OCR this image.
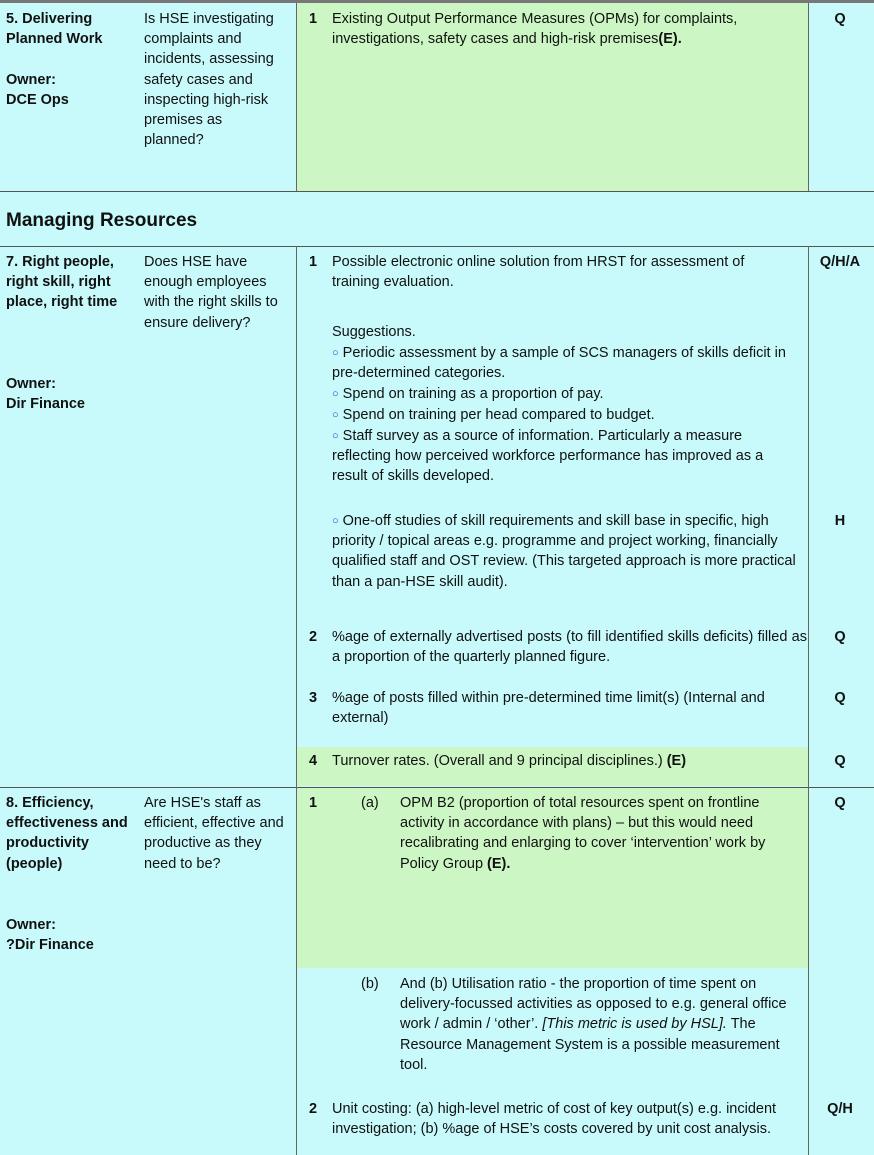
5. Delivering Planned Work
Owner:
DCE Ops
Is HSE investigating complaints and incidents, assessing safety cases and inspecting high-risk premises as planned?
1 Existing Output Performance Measures (OPMs) for complaints, investigations, safety cases and high-risk premises(E).

Q
Managing Resources
7. Right people, right skill, right place, right time
Owner:
Dir Finance
Does HSE have enough employees with the right skills to ensure delivery?
1 Possible electronic online solution from HRST for assessment of training evaluation.
Q/H/A
Suggestions.

○ Periodic assessment by a sample of SCS managers of skills deficit in pre-determined categories.

○ Spend on training as a proportion of pay.

○ Spend on training per head compared to budget.

○ Staff survey as a source of information. Particularly a measure reflecting how perceived workforce performance has improved as a result of skills developed.

○ One-off studies of skill requirements and skill base in specific, high priority / topical areas e.g. programme and project working, financially qualified staff and OST review. (This targeted approach is more practical than a pan-HSE skill audit).

H
2 %age of externally advertised posts (to fill identified skills deficits) filled as a proportion of the quarterly planned figure.
Q
3 %age of posts filled within pre-determined time limit(s) (Internal and external)
Q
4 Turnover rates. (Overall and 9 principal disciplines.) (E)	Q
8. Efficiency, effectiveness and productivity (people)
Owner:
?Dir Finance
Are HSE's staff as efficient, effective and productive as they need to be?
1	(a) OPM B2 (proportion of total resources spent on frontline activity in accordance with plans) – but this would need recalibrating and enlarging to cover ‘intervention’ work by Policy Group (E).

Q
(b) And (b) Utilisation ratio - the proportion of time spent on delivery-focussed activities as opposed to e.g. general office work / admin / ‘other’. [This metric is used by HSL]. The Resource Management System is a possible measurement tool.

2 Unit costing: (a) high-level metric of cost of key output(s) e.g. incident investigation; (b) %age of HSE’s costs covered by unit cost analysis.
Q/H
